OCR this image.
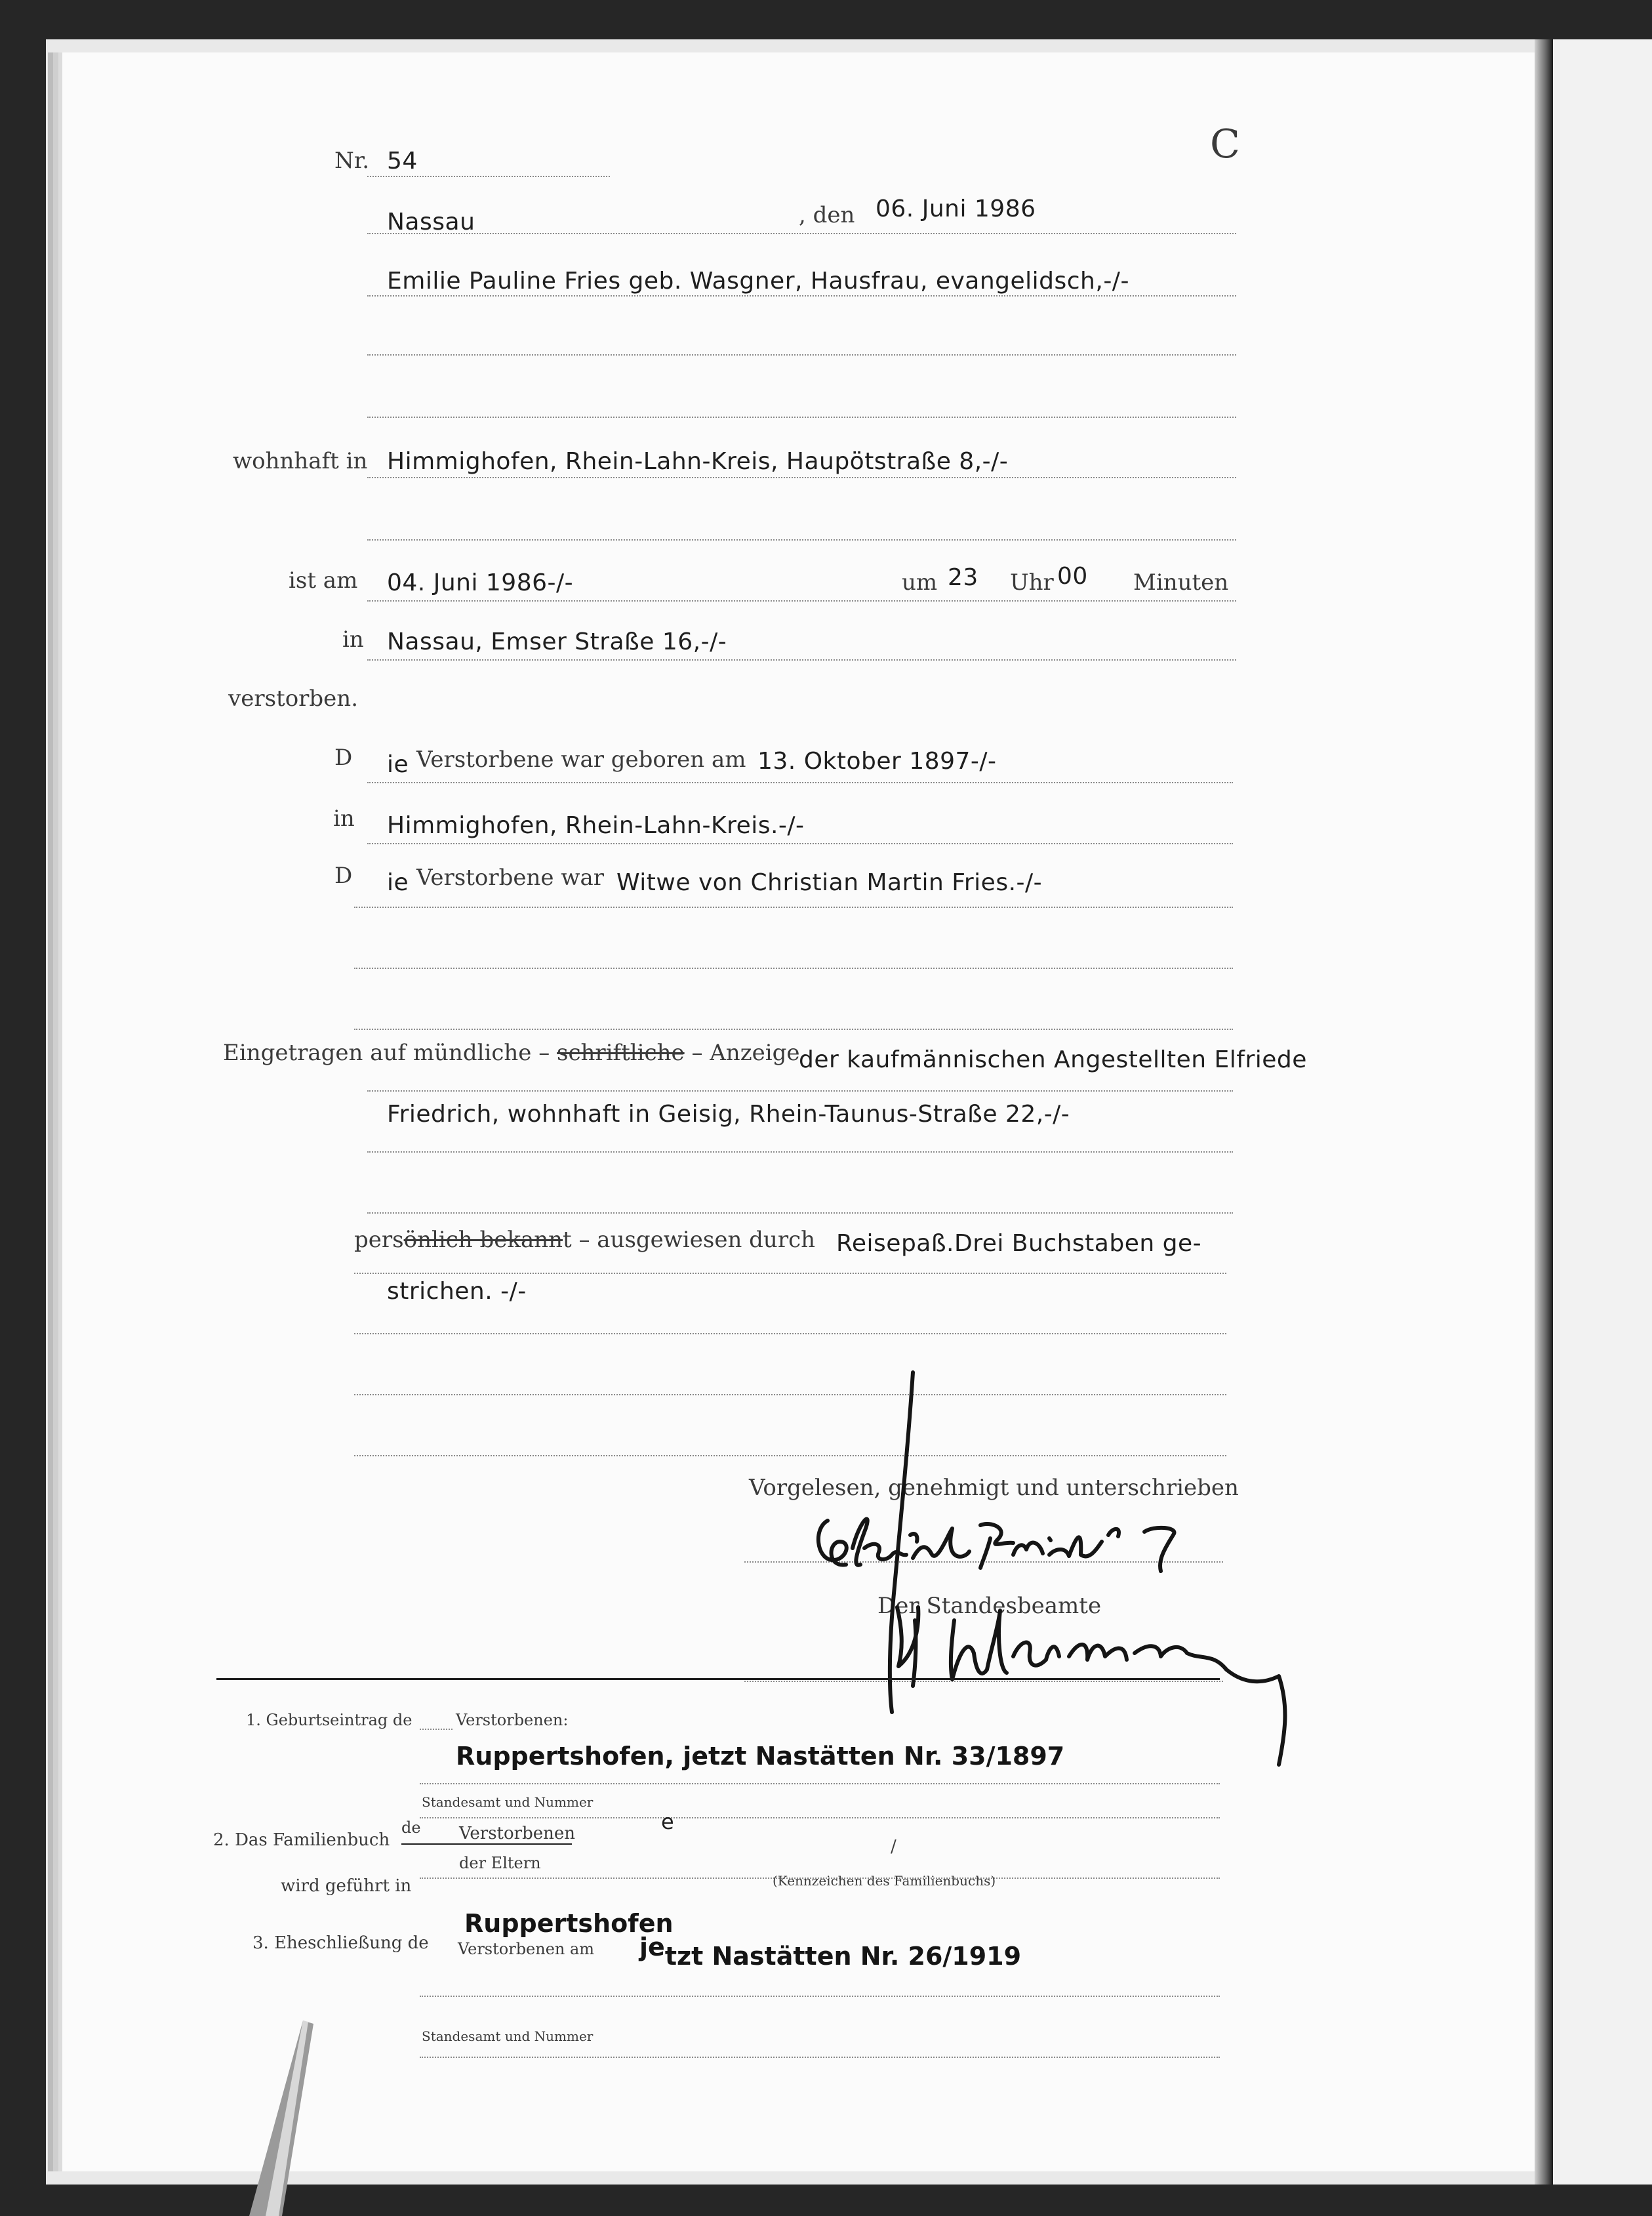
C
Nr. 54
Nassau	, den 06. Juni 1986
Emilie Pauline Fries geb. Wasgner, Hausfrau, evangelidsch,-/-
wohnhaft in Himmighofen, Rhein-Lahn-Kreis, Haupötstraße 8,-/-
ist am 04. Juni 1986-/-	um 23 Uhr 00 Minuten
in Nassau, Emser Straße 16,-/-
verstorben.
D ie Verstorbene war geboren am 13. Oktober 1897-/-
in Himmighofen, Rhein-Lahn-Kreis.-/-
D ie Verstorbene war Witwe von Christian Martin Fries.-/-
Eingetragen auf mündliche – schriftliche – Anzeige
der kaufmännischen Angestellten Elfriede
Friedrich, wohnhaft in Geisig, Rhein-Taunus-Straße 22,-/-
persönlich bekannt – ausgewiesen durch Reisepaß.Drei Buchstaben ge-
strichen. -/-
Vorgelesen, genehmigt und unterschrieben
Der Standesbeamte
1. Geburtseintrag de	Verstorbenen:
Ruppertshofen, jetzt Nastätten Nr. 33/1897
Standesamt und Nummer
2. Das Familienbuch
de Verstorbenen	e
/
der Eltern
(Kennzeichen des Familienbuchs)
wird geführt in
Ruppertshofen
3. Eheschließung de Verstorbenen am jetzt Nastätten Nr. 26/1919
Standesamt und Nummer
